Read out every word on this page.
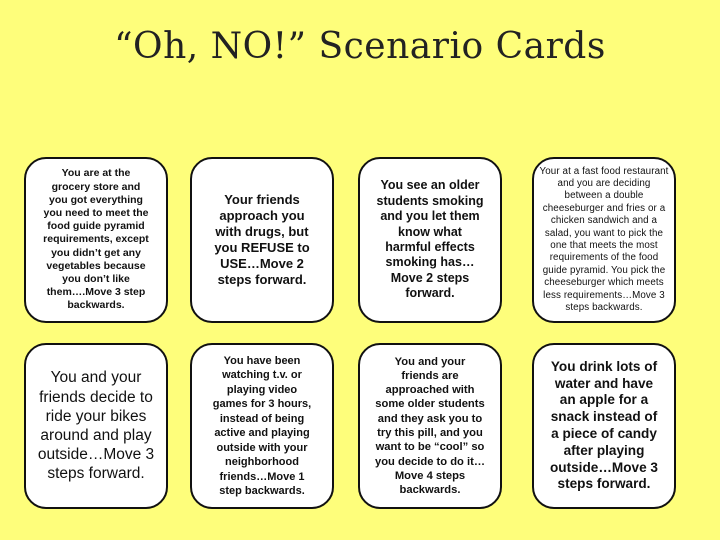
“Oh, NO!” Scenario Cards
You are at the grocery store and you got everything you need to meet the food guide pyramid requirements, except you didn’t get any vegetables because you don’t like them….Move 3 step backwards.
Your friends approach you with drugs, but you REFUSE to USE…Move 2 steps forward.
You see an older students smoking and you let them know what harmful effects smoking has…Move 2 steps forward.
Your at a fast food restaurant and you are deciding between a double cheeseburger and fries or a chicken sandwich and a salad, you want to pick the one that meets the most requirements of the food guide pyramid. You pick the cheeseburger which meets less requirements…Move 3 steps backwards.
You and your friends decide to ride your bikes around and play outside…Move 3 steps forward.
You have been watching t.v. or playing video games for 3 hours, instead of being active and playing outside with your neighborhood friends…Move 1 step backwards.
You and your friends are approached with some older students and they ask you to try this pill, and you want to be “cool” so you decide to do it…Move 4 steps backwards.
You drink lots of water and have an apple for a snack instead of a piece of candy after playing outside…Move 3 steps forward.
